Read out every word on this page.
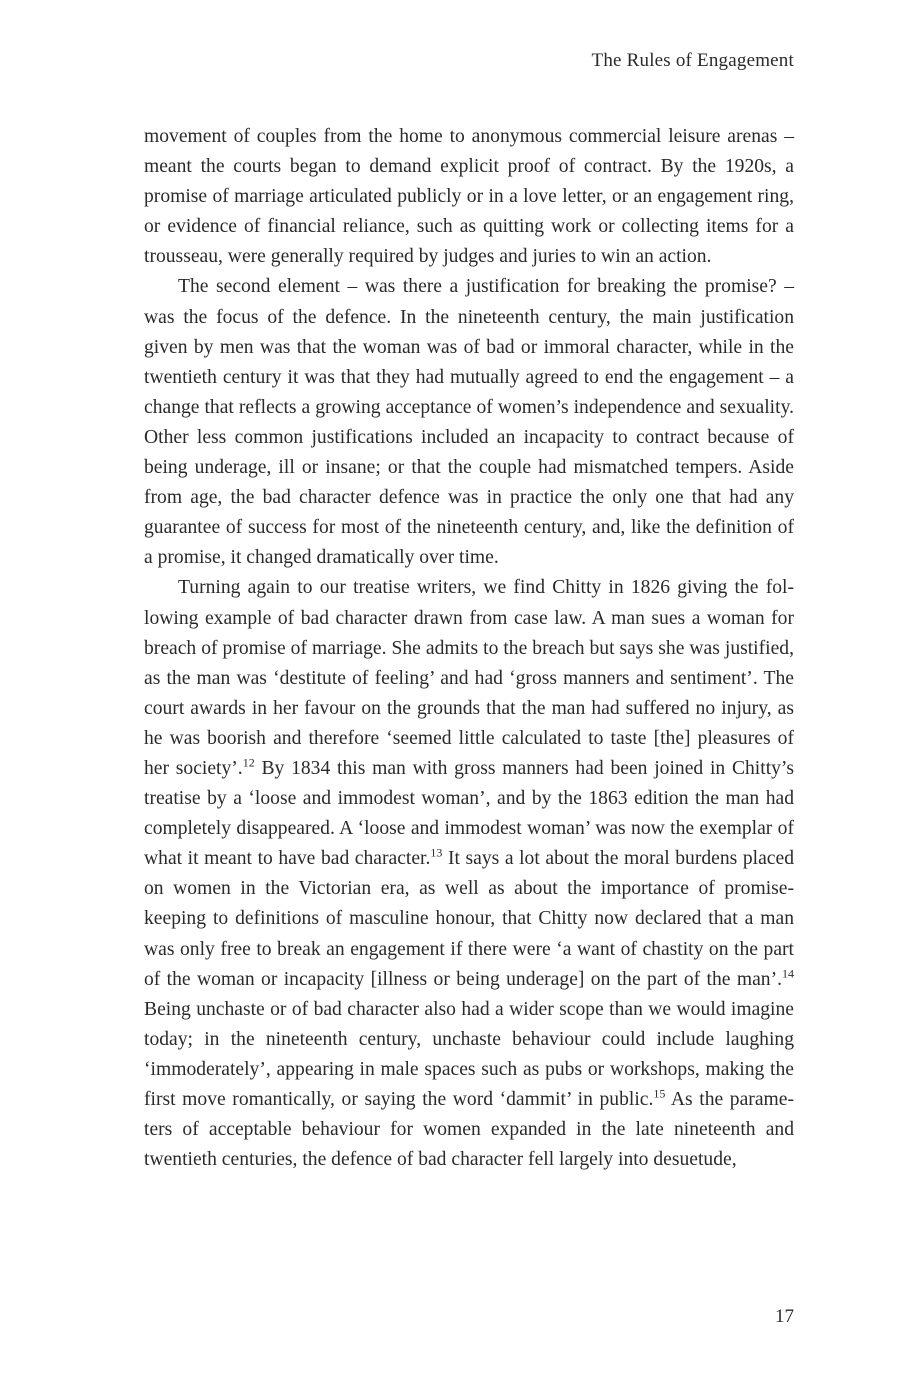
The Rules of Engagement

movement of couples from the home to anonymous commercial leisure arenas – meant the courts began to demand explicit proof of contract. By the 1920s, a promise of marriage articulated publicly or in a love letter, or an engagement ring, or evidence of financial reliance, such as quitting work or collecting items for a trousseau, were generally required by judges and juries to win an action.

The second element – was there a justification for breaking the promise? – was the focus of the defence. In the nineteenth century, the main justification given by men was that the woman was of bad or immoral character, while in the twentieth century it was that they had mutually agreed to end the engagement – a change that reflects a growing acceptance of women’s independence and sexuality. Other less common justifications included an incapacity to contract because of being underage, ill or insane; or that the couple had mismatched tempers. Aside from age, the bad character defence was in practice the only one that had any guarantee of success for most of the nineteenth century, and, like the definition of a promise, it changed dramatically over time.

Turning again to our treatise writers, we find Chitty in 1826 giving the following example of bad character drawn from case law. A man sues a woman for breach of promise of marriage. She admits to the breach but says she was justified, as the man was ‘destitute of feeling’ and had ‘gross manners and sentiment’. The court awards in her favour on the grounds that the man had suffered no injury, as he was boorish and therefore ‘seemed little calculated to taste [the] pleasures of her society’.$^{12}$ By 1834 this man with gross manners had been joined in Chitty’s treatise by a ‘loose and immodest woman’, and by the 1863 edition the man had completely disappeared. A ‘loose and immodest woman’ was now the exemplar of what it meant to have bad character.$^{13}$ It says a lot about the moral burdens placed on women in the Victorian era, as well as about the importance of promise-keeping to definitions of masculine honour, that Chitty now declared that a man was only free to break an engagement if there were ‘a want of chastity on the part of the woman or incapacity [illness or being underage] on the part of the man’.$^{14}$ Being unchaste or of bad character also had a wider scope than we would imagine today; in the nineteenth century, unchaste behaviour could include laughing ‘immoderately’, appearing in male spaces such as pubs or workshops, making the first move romantically, or saying the word ‘dammit’ in public.$^{15}$ As the parameters of acceptable behaviour for women expanded in the late nineteenth and twentieth centuries, the defence of bad character fell largely into desuetude,

17
